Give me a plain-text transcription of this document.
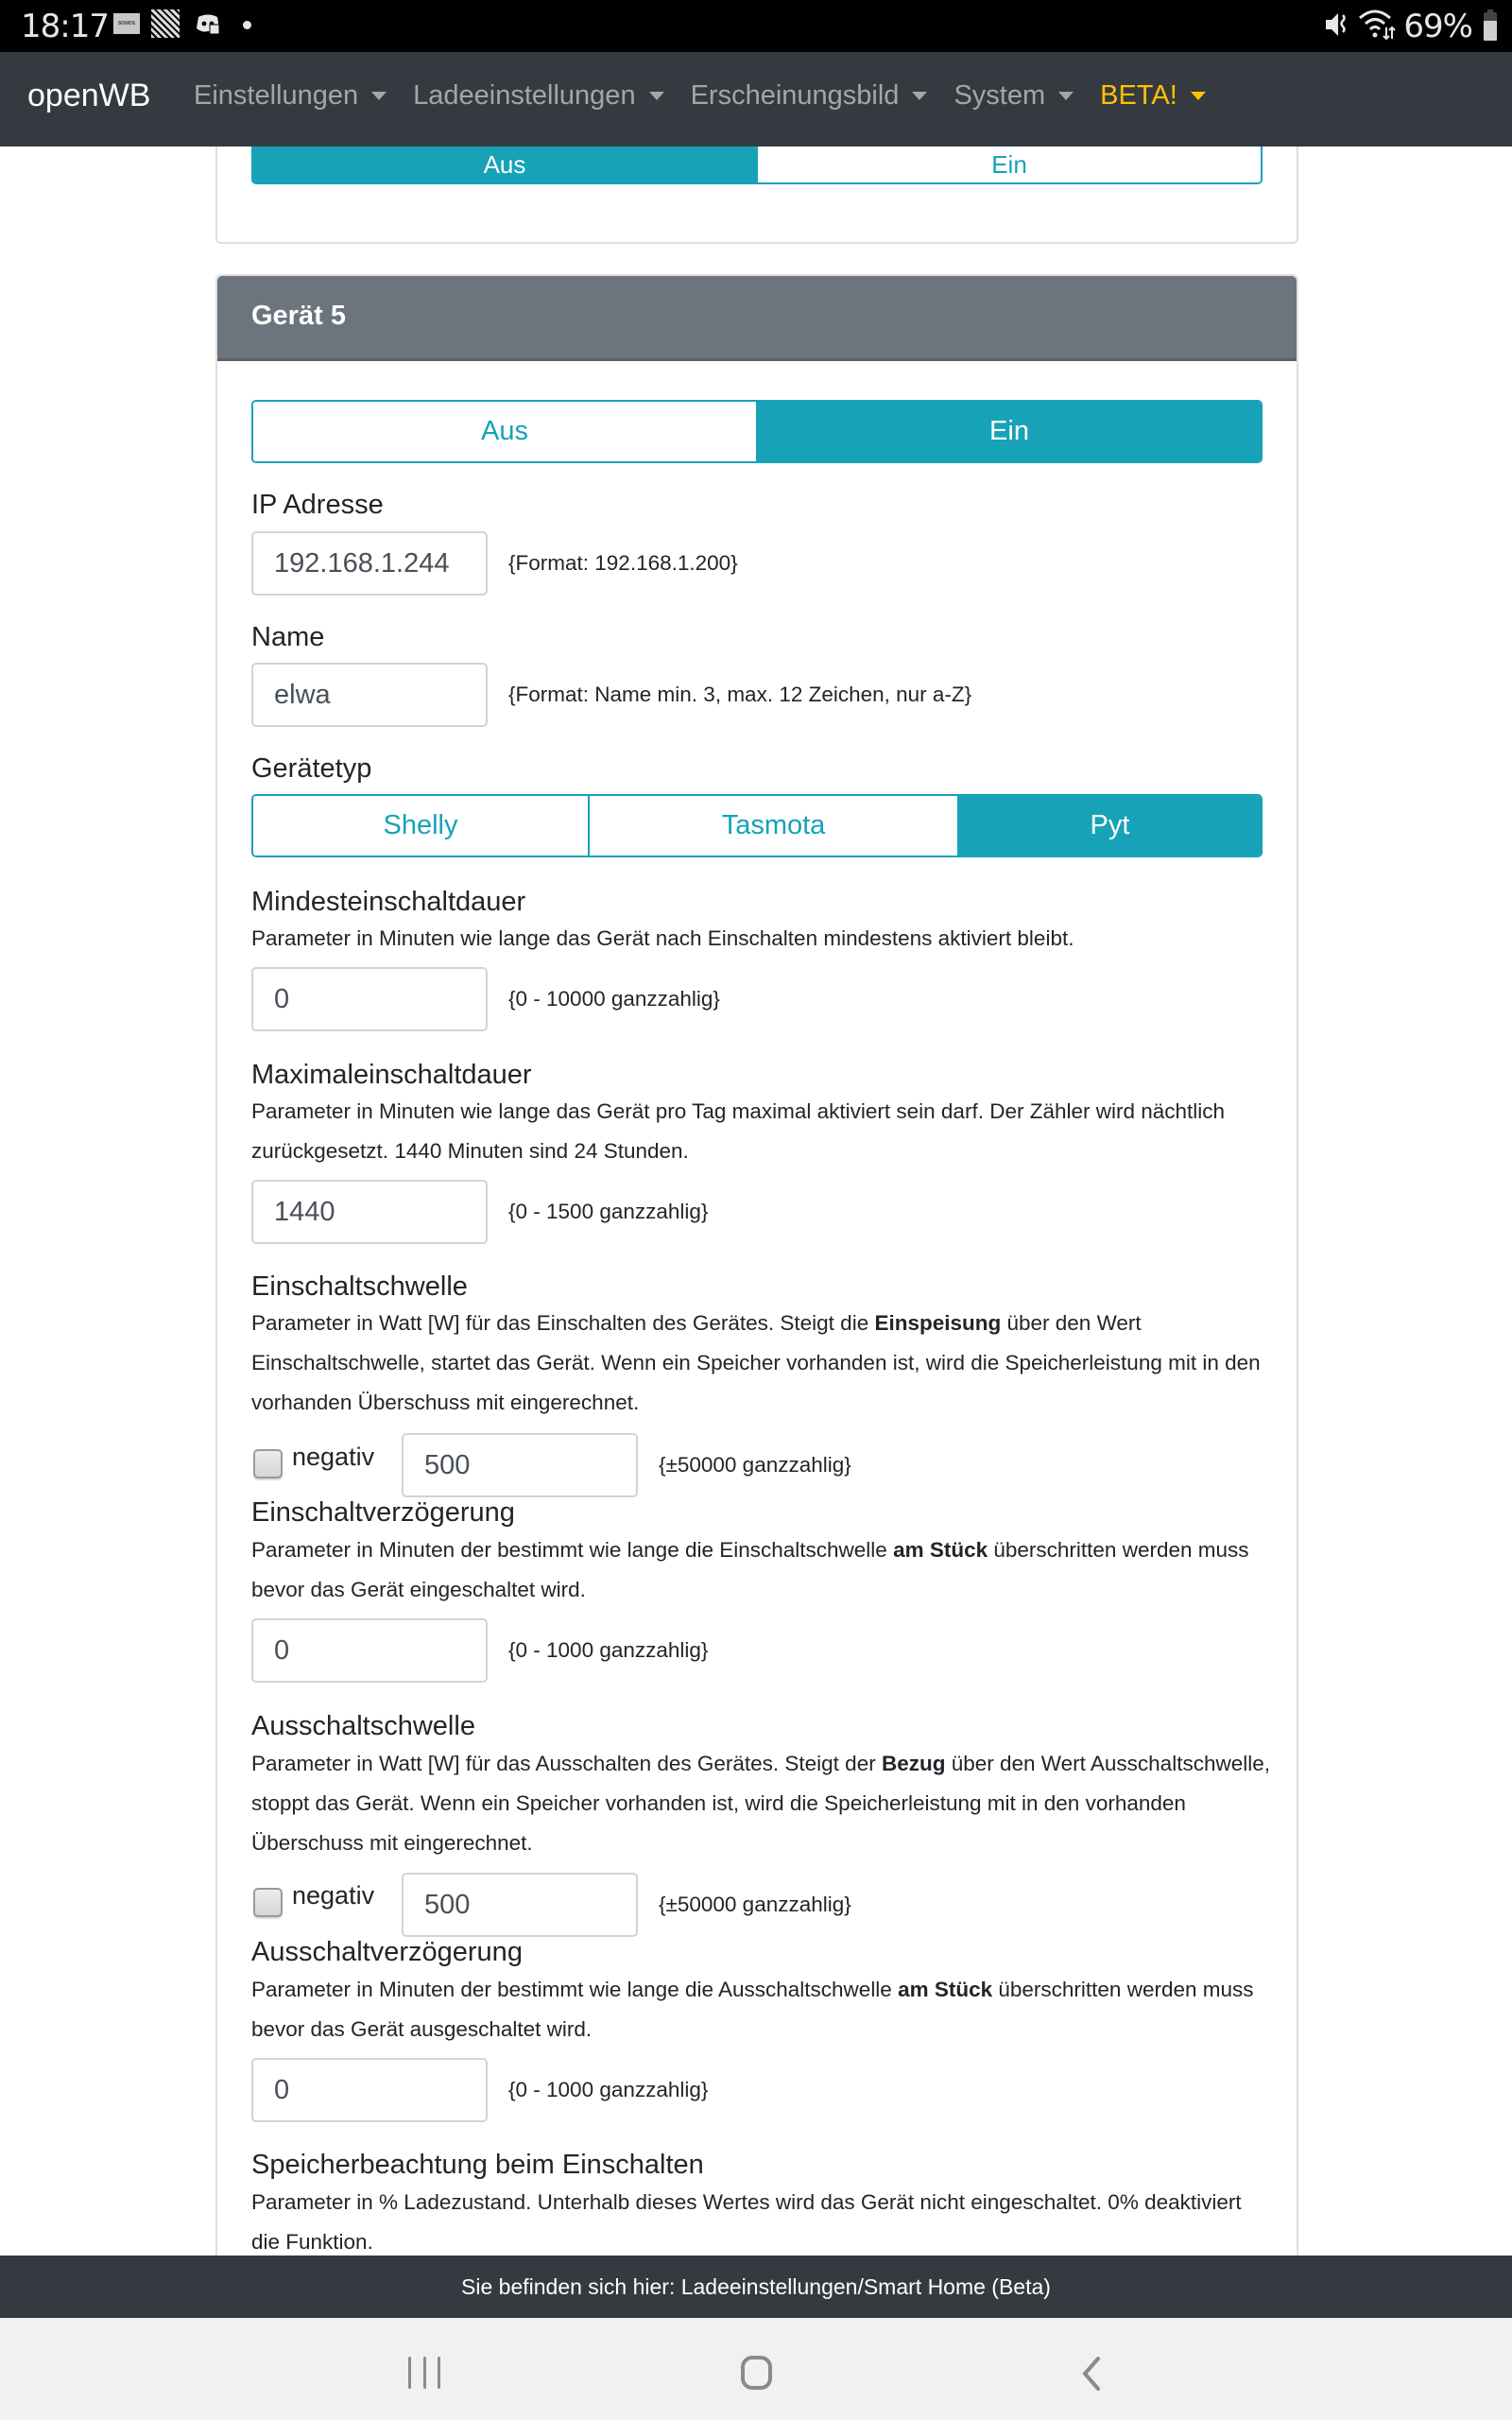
18:17	SONOS	69%
openWB Einstellungen Ladeeinstellungen Erscheinungsbild System BETA!
Aus	Ein
Gerät 5
Aus	Ein
IP Adresse
192.168.1.244	{Format: 192.168.1.200}
Name
elwa	{Format: Name min. 3, max. 12 Zeichen, nur a-Z}
Gerätetyp
Shelly	Tasmota	Pyt
Mindesteinschaltdauer
Parameter in Minuten wie lange das Gerät nach Einschalten mindestens aktiviert bleibt.
0	{0 - 10000 ganzzahlig}
Maximaleinschaltdauer
Parameter in Minuten wie lange das Gerät pro Tag maximal aktiviert sein darf. Der Zähler wird nächtlich zurückgesetzt. 1440 Minuten sind 24 Stunden.
1440	{0 - 1500 ganzzahlig}
Einschaltschwelle
Parameter in Watt [W] für das Einschalten des Gerätes. Steigt die Einspeisung über den Wert Einschaltschwelle, startet das Gerät. Wenn ein Speicher vorhanden ist, wird die Speicherleistung mit in den vorhanden Überschuss mit eingerechnet.
negativ	500	{±50000 ganzzahlig}
Einschaltverzögerung
Parameter in Minuten der bestimmt wie lange die Einschaltschwelle am Stück überschritten werden muss bevor das Gerät eingeschaltet wird.
0	{0 - 1000 ganzzahlig}
Ausschaltschwelle
Parameter in Watt [W] für das Ausschalten des Gerätes. Steigt der Bezug über den Wert Ausschaltschwelle, stoppt das Gerät. Wenn ein Speicher vorhanden ist, wird die Speicherleistung mit in den vorhanden Überschuss mit eingerechnet.
negativ	500	{±50000 ganzzahlig}
Ausschaltverzögerung
Parameter in Minuten der bestimmt wie lange die Ausschaltschwelle am Stück überschritten werden muss bevor das Gerät ausgeschaltet wird.
0	{0 - 1000 ganzzahlig}
Speicherbeachtung beim Einschalten
Parameter in % Ladezustand. Unterhalb dieses Wertes wird das Gerät nicht eingeschaltet. 0% deaktiviert die Funktion.
Sie befinden sich hier: Ladeeinstellungen/Smart Home (Beta)
